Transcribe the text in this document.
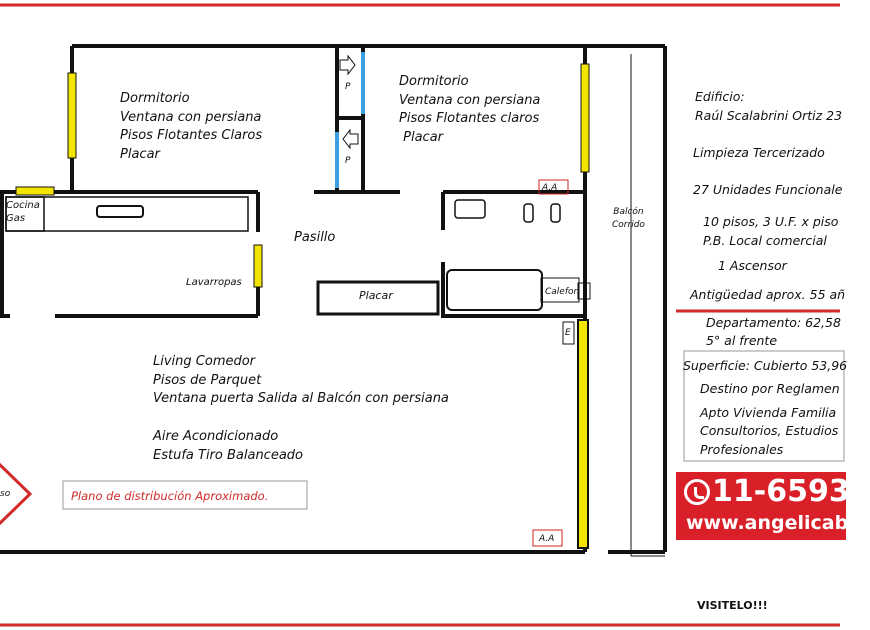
Dormitorio
Ventana con persiana
Pisos Flotantes Claros
Placar
Dormitorio
Ventana con persiana
Pisos Flotantes claros
Placar
Cocina
Gas
Pasillo
Lavarropas
Placar	Calefon
Balcón
Corrido
A.A
A.A
P
P
E
so
Living Comedor
Pisos de Parquet
Ventana puerta Salida al Balcón con persiana
Aire Acondicionado
Estufa Tiro Balanceado
Plano de distribución Aproximado.
Edificio:
Raúl Scalabrini Ortiz 23
Limpieza Tercerizado
27 Unidades Funcionale
10 pisos, 3 U.F. x piso
P.B. Local comercial
1 Ascensor
Antigüedad aprox. 55 añ
Departamento: 62,58
5° al frente
Superficie: Cubierto 53,96
Destino por Reglamen
Apto Vivienda Familia
Consultorios, Estudios
Profesionales
11-6593
www.angelicabra
VISITELO!!!
